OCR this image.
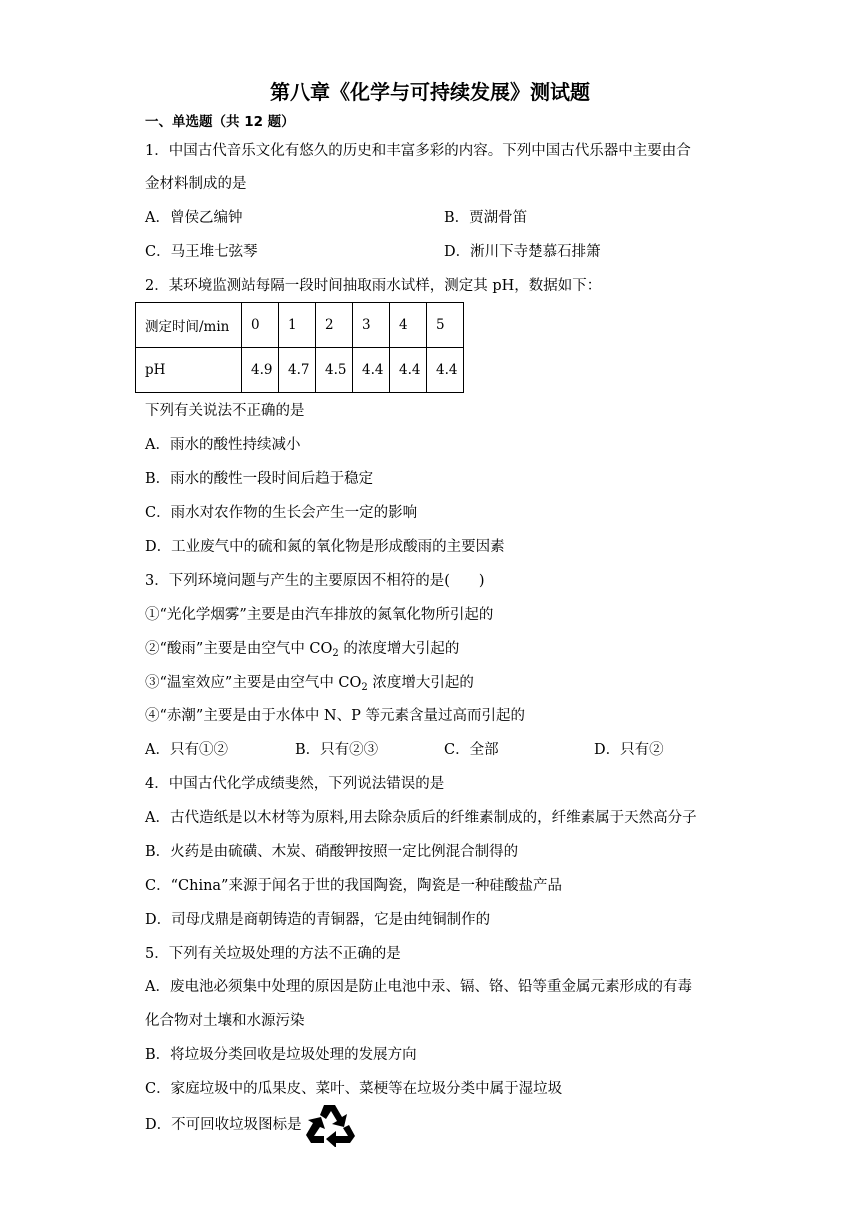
第八章《化学与可持续发展》测试题
一、单选题（共 12 题）
1．中国古代音乐文化有悠久的历史和丰富多彩的内容。下列中国古代乐器中主要由合
金材料制成的是
A．曾侯乙编钟	B．贾湖骨笛
C．马王堆七弦琴	D．淅川下寺楚慕石排箫
2．某环境监测站每隔一段时间抽取雨水试样，测定其 pH，数据如下：
测定时间/min	0	1	2	3	4	5
pH	4.9	4.7	4.5	4.4	4.4	4.4
下列有关说法不正确的是
A．雨水的酸性持续减小
B．雨水的酸性一段时间后趋于稳定
C．雨水对农作物的生长会产生一定的影响
D．工业废气中的硫和氮的氧化物是形成酸雨的主要因素
3．下列环境问题与产生的主要原因不相符的是(　　)
①“光化学烟雾”主要是由汽车排放的氮氧化物所引起的
②“酸雨”主要是由空气中 $CO_2$ 的浓度增大引起的
③“温室效应”主要是由空气中 $CO_2$ 浓度增大引起的
④“赤潮”主要是由于水体中 N、P 等元素含量过高而引起的
A．只有①②	B．只有②③	C．全部	D．只有②
4．中国古代化学成绩斐然，下列说法错误的是
A．古代造纸是以木材等为原料,用去除杂质后的纤维素制成的，纤维素属于天然高分子
B．火药是由硫磺、木炭、硝酸钾按照一定比例混合制得的
C．“China”来源于闻名于世的我国陶瓷，陶瓷是一种硅酸盐产品
D．司母戊鼎是商朝铸造的青铜器，它是由纯铜制作的
5．下列有关垃圾处理的方法不正确的是
A．废电池必须集中处理的原因是防止电池中汞、镉、铬、铅等重金属元素形成的有毒
化合物对土壤和水源污染
B．将垃圾分类回收是垃圾处理的发展方向
C．家庭垃圾中的瓜果皮、菜叶、菜梗等在垃圾分类中属于湿垃圾
D．不可回收垃圾图标是
